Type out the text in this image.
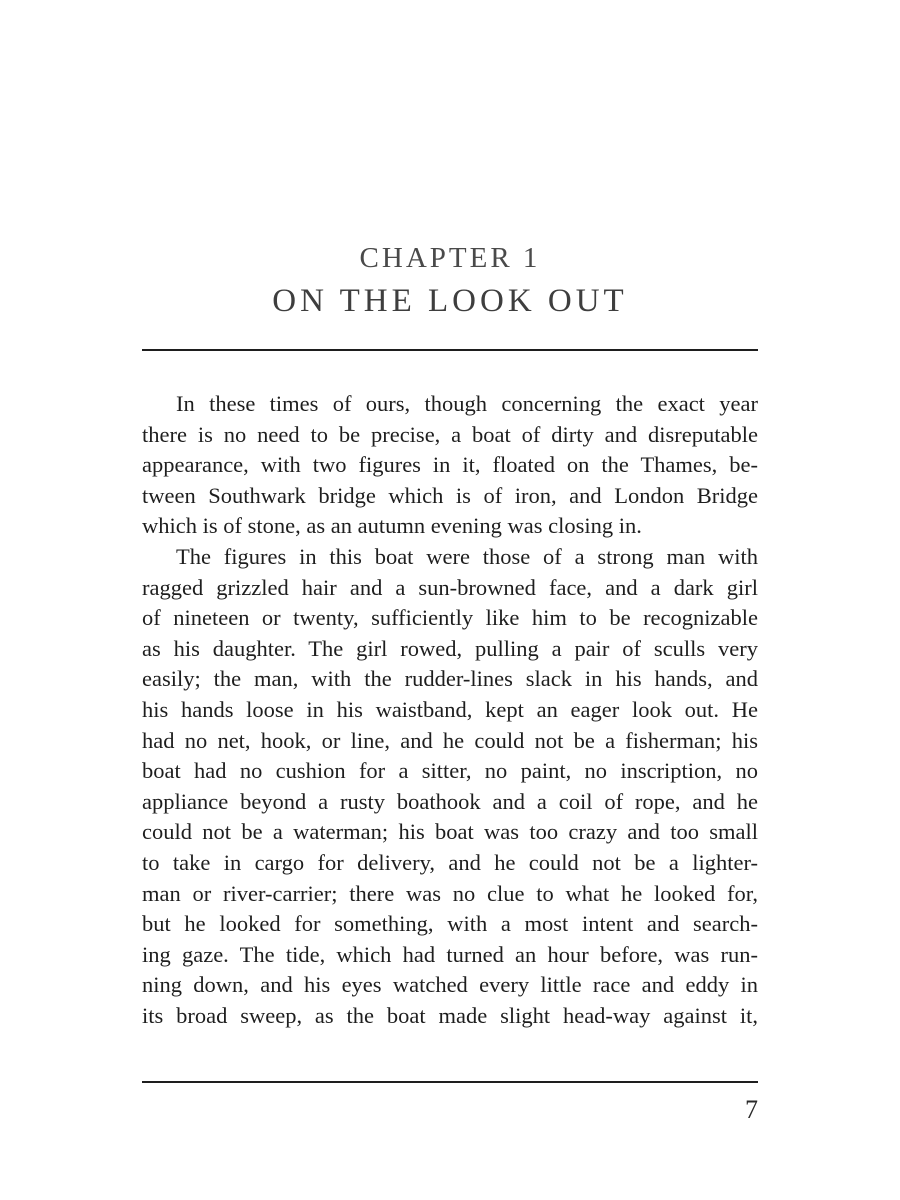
CHAPTER 1
ON THE LOOK OUT
In these times of ours, though concerning the exact year
there is no need to be precise, a boat of dirty and disreputable
appearance, with two figures in it, floated on the Thames, be-
tween Southwark bridge which is of iron, and London Bridge
which is of stone, as an autumn evening was closing in.
The figures in this boat were those of a strong man with
ragged grizzled hair and a sun-browned face, and a dark girl
of nineteen or twenty, sufficiently like him to be recognizable
as his daughter. The girl rowed, pulling a pair of sculls very
easily; the man, with the rudder-lines slack in his hands, and
his hands loose in his waistband, kept an eager look out. He
had no net, hook, or line, and he could not be a fisherman; his
boat had no cushion for a sitter, no paint, no inscription, no
appliance beyond a rusty boathook and a coil of rope, and he
could not be a waterman; his boat was too crazy and too small
to take in cargo for delivery, and he could not be a lighter-
man or river-carrier; there was no clue to what he looked for,
but he looked for something, with a most intent and search-
ing gaze. The tide, which had turned an hour before, was run-
ning down, and his eyes watched every little race and eddy in
its broad sweep, as the boat made slight head-way against it,
7
